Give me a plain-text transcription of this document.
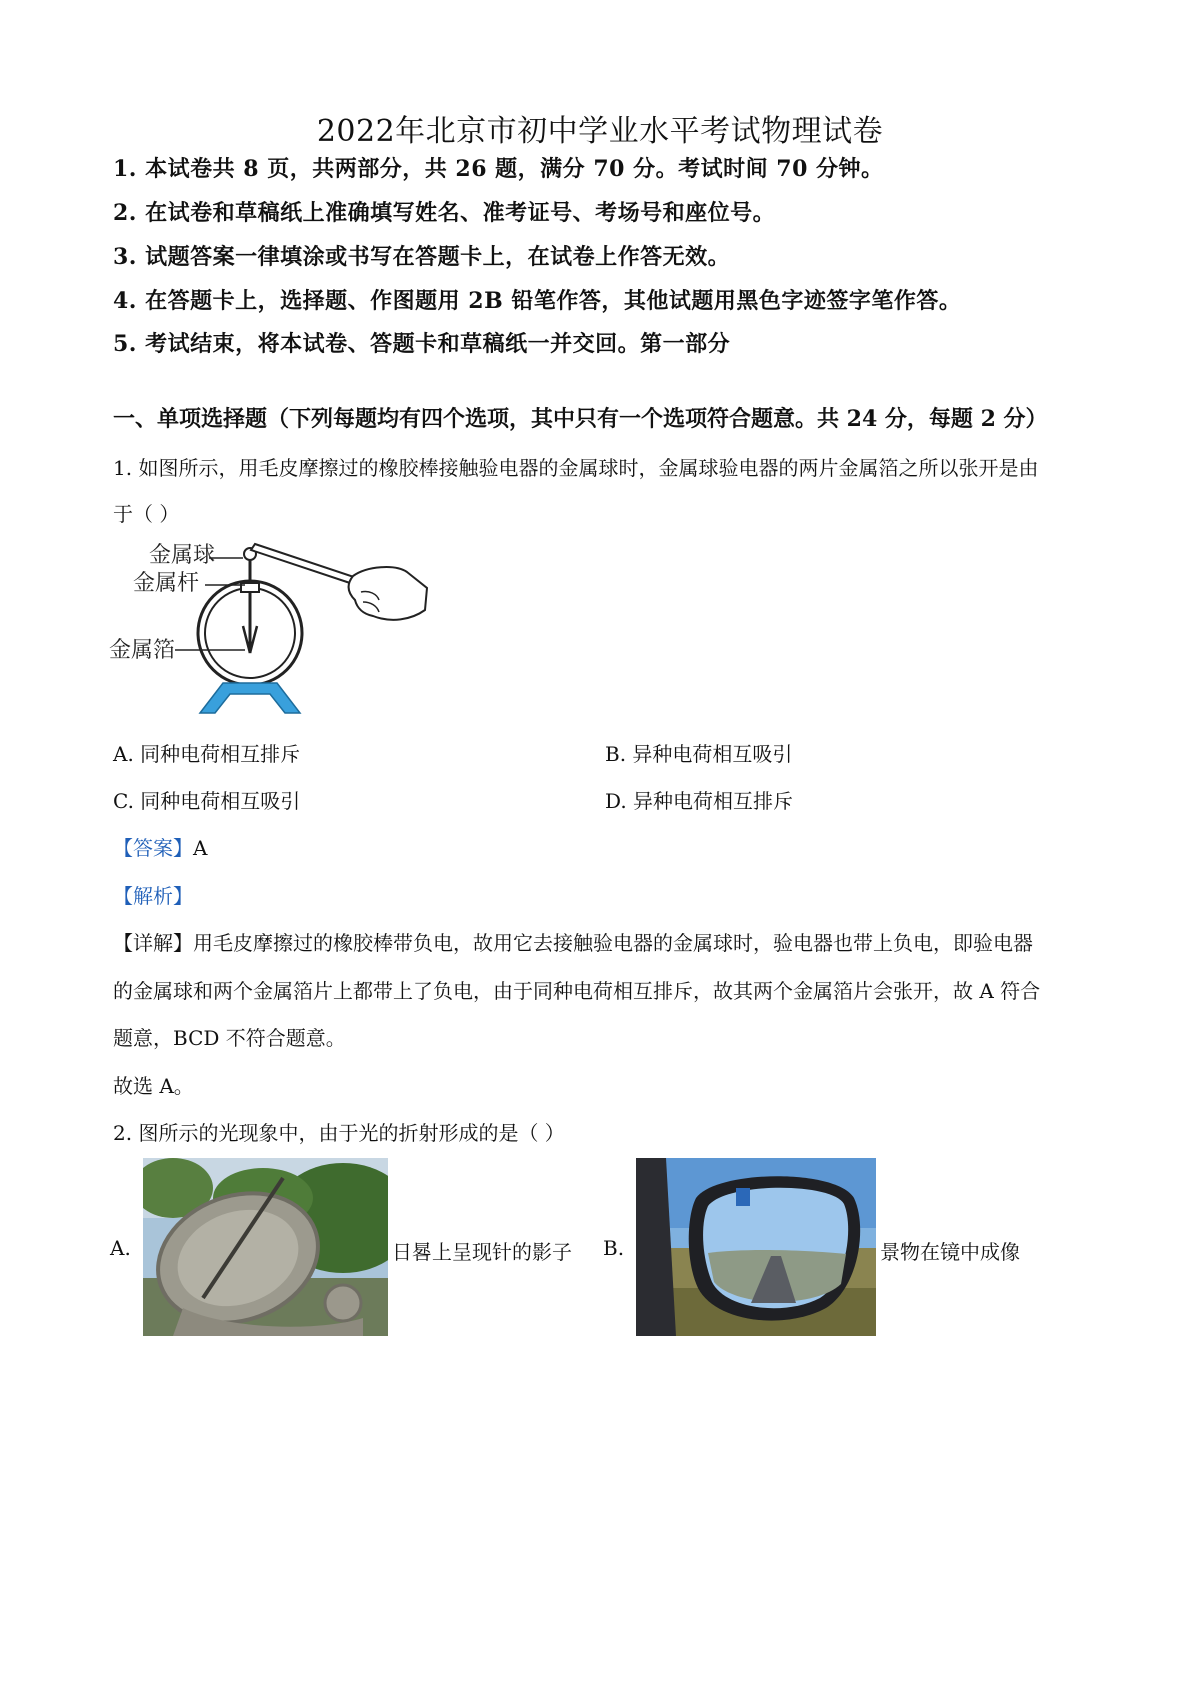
2022年北京市初中学业水平考试物理试卷
1. 本试卷共 8 页，共两部分，共 26 题，满分 70 分。考试时间 70 分钟。
2. 在试卷和草稿纸上准确填写姓名、准考证号、考场号和座位号。
3. 试题答案一律填涂或书写在答题卡上，在试卷上作答无效。
4. 在答题卡上，选择题、作图题用 2B 铅笔作答，其他试题用黑色字迹签字笔作答。
5. 考试结束，将本试卷、答题卡和草稿纸一并交回。第一部分
一、单项选择题（下列每题均有四个选项，其中只有一个选项符合题意。共 24 分，每题 2 分）
1. 如图所示，用毛皮摩擦过的橡胶棒接触验电器的金属球时，金属球验电器的两片金属箔之所以张开是由
于（ ）
金属球
金属杆
金属箔
A. 同种电荷相互排斥	B. 异种电荷相互吸引
C. 同种电荷相互吸引	D. 异种电荷相互排斥
【答案】A
【解析】
【详解】用毛皮摩擦过的橡胶棒带负电，故用它去接触验电器的金属球时，验电器也带上负电，即验电器
的金属球和两个金属箔片上都带上了负电，由于同种电荷相互排斥，故其两个金属箔片会张开，故 A 符合
题意，BCD 不符合题意。
故选 A。
2. 图所示的光现象中，由于光的折射形成的是（ ）
A.	日晷上呈现针的影子 B.	景物在镜中成像
